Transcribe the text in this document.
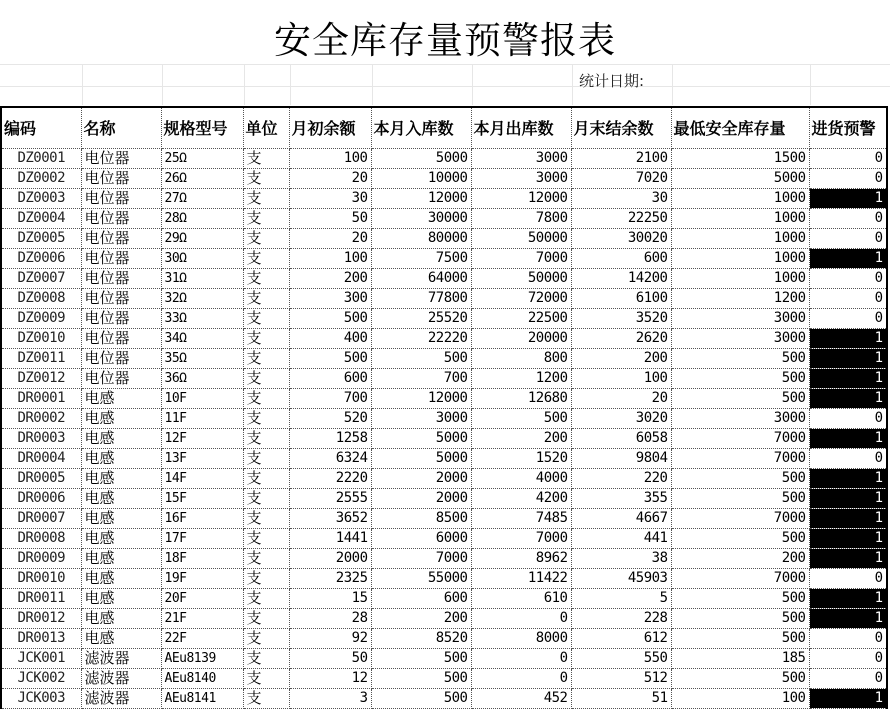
安全库存量预警报表
统计日期:
编码	名称	规格型号	单位	月初余额	本月入库数	本月出库数	月末结余数	最低安全库存量	进货预警
DZ0001	电位器	25Ω	支	100	5000	3000	2100	1500	0
DZ0002	电位器	26Ω	支	20	10000	3000	7020	5000	0
DZ0003	电位器	27Ω	支	30	12000	12000	30	1000	1
DZ0004	电位器	28Ω	支	50	30000	7800	22250	1000	0
DZ0005	电位器	29Ω	支	20	80000	50000	30020	1000	0
DZ0006	电位器	30Ω	支	100	7500	7000	600	1000	1
DZ0007	电位器	31Ω	支	200	64000	50000	14200	1000	0
DZ0008	电位器	32Ω	支	300	77800	72000	6100	1200	0
DZ0009	电位器	33Ω	支	500	25520	22500	3520	3000	0
DZ0010	电位器	34Ω	支	400	22220	20000	2620	3000	1
DZ0011	电位器	35Ω	支	500	500	800	200	500	1
DZ0012	电位器	36Ω	支	600	700	1200	100	500	1
DR0001	电感	10F	支	700	12000	12680	20	500	1
DR0002	电感	11F	支	520	3000	500	3020	3000	0
DR0003	电感	12F	支	1258	5000	200	6058	7000	1
DR0004	电感	13F	支	6324	5000	1520	9804	7000	0
DR0005	电感	14F	支	2220	2000	4000	220	500	1
DR0006	电感	15F	支	2555	2000	4200	355	500	1
DR0007	电感	16F	支	3652	8500	7485	4667	7000	1
DR0008	电感	17F	支	1441	6000	7000	441	500	1
DR0009	电感	18F	支	2000	7000	8962	38	200	1
DR0010	电感	19F	支	2325	55000	11422	45903	7000	0
DR0011	电感	20F	支	15	600	610	5	500	1
DR0012	电感	21F	支	28	200	0	228	500	1
DR0013	电感	22F	支	92	8520	8000	612	500	0
JCK001	滤波器	AEu8139	支	50	500	0	550	185	0
JCK002	滤波器	AEu8140	支	12	500	0	512	500	0
JCK003	滤波器	AEu8141	支	3	500	452	51	100	1
